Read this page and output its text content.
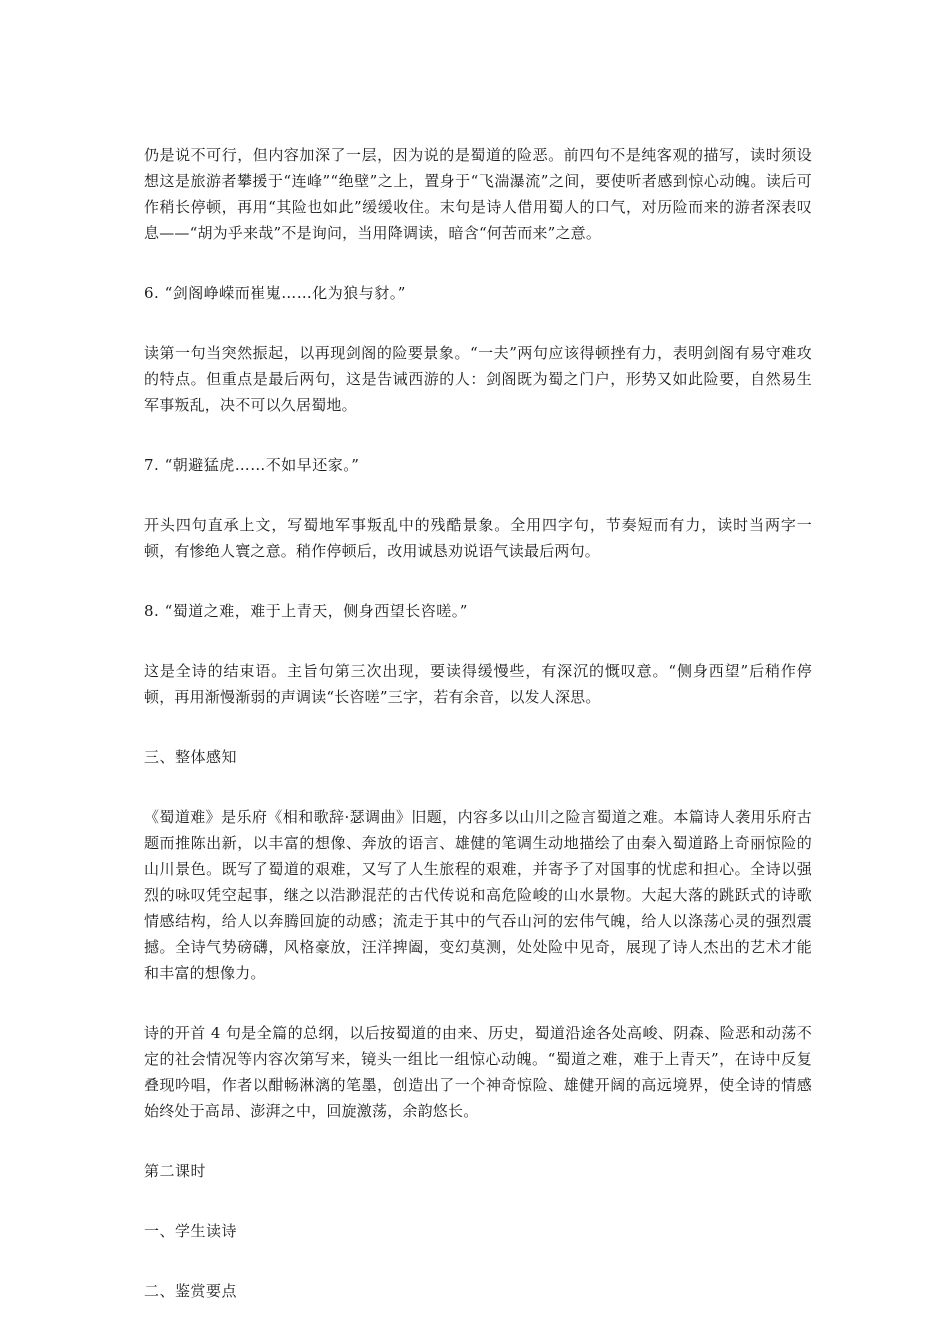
仍是说不可行，但内容加深了一层，因为说的是蜀道的险恶。前四句不是纯客观的描写，读时须设想这是旅游者攀援于“连峰”“绝壁”之上，置身于“飞湍瀑流”之间，要使听者感到惊心动魄。读后可作稍长停顿，再用“其险也如此”缓缓收住。末句是诗人借用蜀人的口气，对历险而来的游者深表叹息——“胡为乎来哉”不是询问，当用降调读，暗含“何苦而来”之意。

6. “剑阁峥嵘而崔嵬……化为狼与豺。”

读第一句当突然振起，以再现剑阁的险要景象。“一夫”两句应该得顿挫有力，表明剑阁有易守难攻的特点。但重点是最后两句，这是告诫西游的人：剑阁既为蜀之门户，形势又如此险要，自然易生军事叛乱，决不可以久居蜀地。

7. “朝避猛虎……不如早还家。”

开头四句直承上文，写蜀地军事叛乱中的残酷景象。全用四字句，节奏短而有力，读时当两字一顿，有惨绝人寰之意。稍作停顿后，改用诚恳劝说语气读最后两句。

8. “蜀道之难，难于上青天，侧身西望长咨嗟。”

这是全诗的结束语。主旨句第三次出现，要读得缓慢些，有深沉的慨叹意。“侧身西望”后稍作停顿，再用渐慢渐弱的声调读“长咨嗟”三字，若有余音，以发人深思。

三、整体感知

《蜀道难》是乐府《相和歌辞·瑟调曲》旧题，内容多以山川之险言蜀道之难。本篇诗人袭用乐府古题而推陈出新，以丰富的想像、奔放的语言、雄健的笔调生动地描绘了由秦入蜀道路上奇丽惊险的山川景色。既写了蜀道的艰难，又写了人生旅程的艰难，并寄予了对国事的忧虑和担心。全诗以强烈的咏叹凭空起事，继之以浩渺混茫的古代传说和高危险峻的山水景物。大起大落的跳跃式的诗歌情感结构，给人以奔腾回旋的动感；流走于其中的气吞山河的宏伟气魄，给人以涤荡心灵的强烈震撼。全诗气势磅礴，风格豪放，汪洋捭阖，变幻莫测，处处险中见奇，展现了诗人杰出的艺术才能和丰富的想像力。

诗的开首 4 句是全篇的总纲，以后按蜀道的由来、历史，蜀道沿途各处高峻、阴森、险恶和动荡不定的社会情况等内容次第写来，镜头一组比一组惊心动魄。“蜀道之难，难于上青天”，在诗中反复叠现吟唱，作者以酣畅淋漓的笔墨，创造出了一个神奇惊险、雄健开阔的高远境界，使全诗的情感始终处于高昂、澎湃之中，回旋激荡，余韵悠长。

第二课时

一、学生读诗

二、鉴赏要点
